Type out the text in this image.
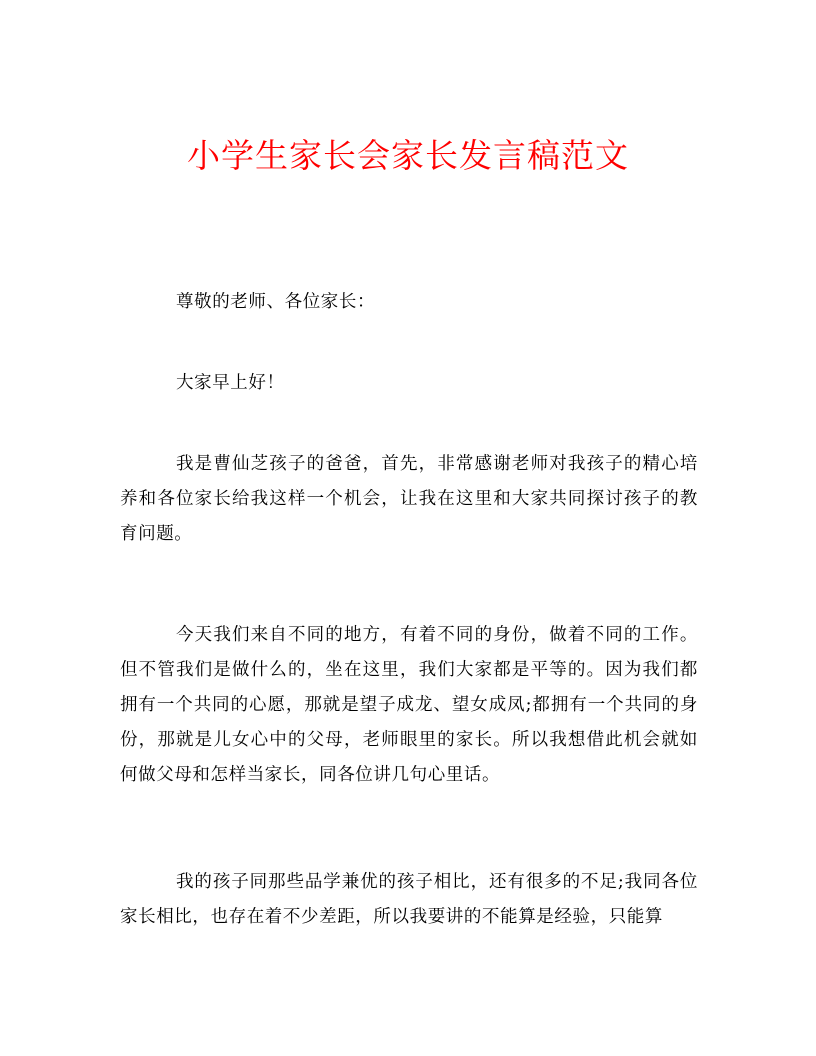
小学生家长会家长发言稿范文

尊敬的老师、各位家长：

大家早上好！

我是曹仙芝孩子的爸爸，首先，非常感谢老师对我孩子的精心培养和各位家长给我这样一个机会，让我在这里和大家共同探讨孩子的教育问题。

今天我们来自不同的地方，有着不同的身份，做着不同的工作。但不管我们是做什么的，坐在这里，我们大家都是平等的。因为我们都拥有一个共同的心愿，那就是望子成龙、望女成凤;都拥有一个共同的身份，那就是儿女心中的父母，老师眼里的家长。所以我想借此机会就如何做父母和怎样当家长，同各位讲几句心里话。

我的孩子同那些品学兼优的孩子相比，还有很多的不足;我同各位家长相比，也存在着不少差距，所以我要讲的不能算是经验，只能算
